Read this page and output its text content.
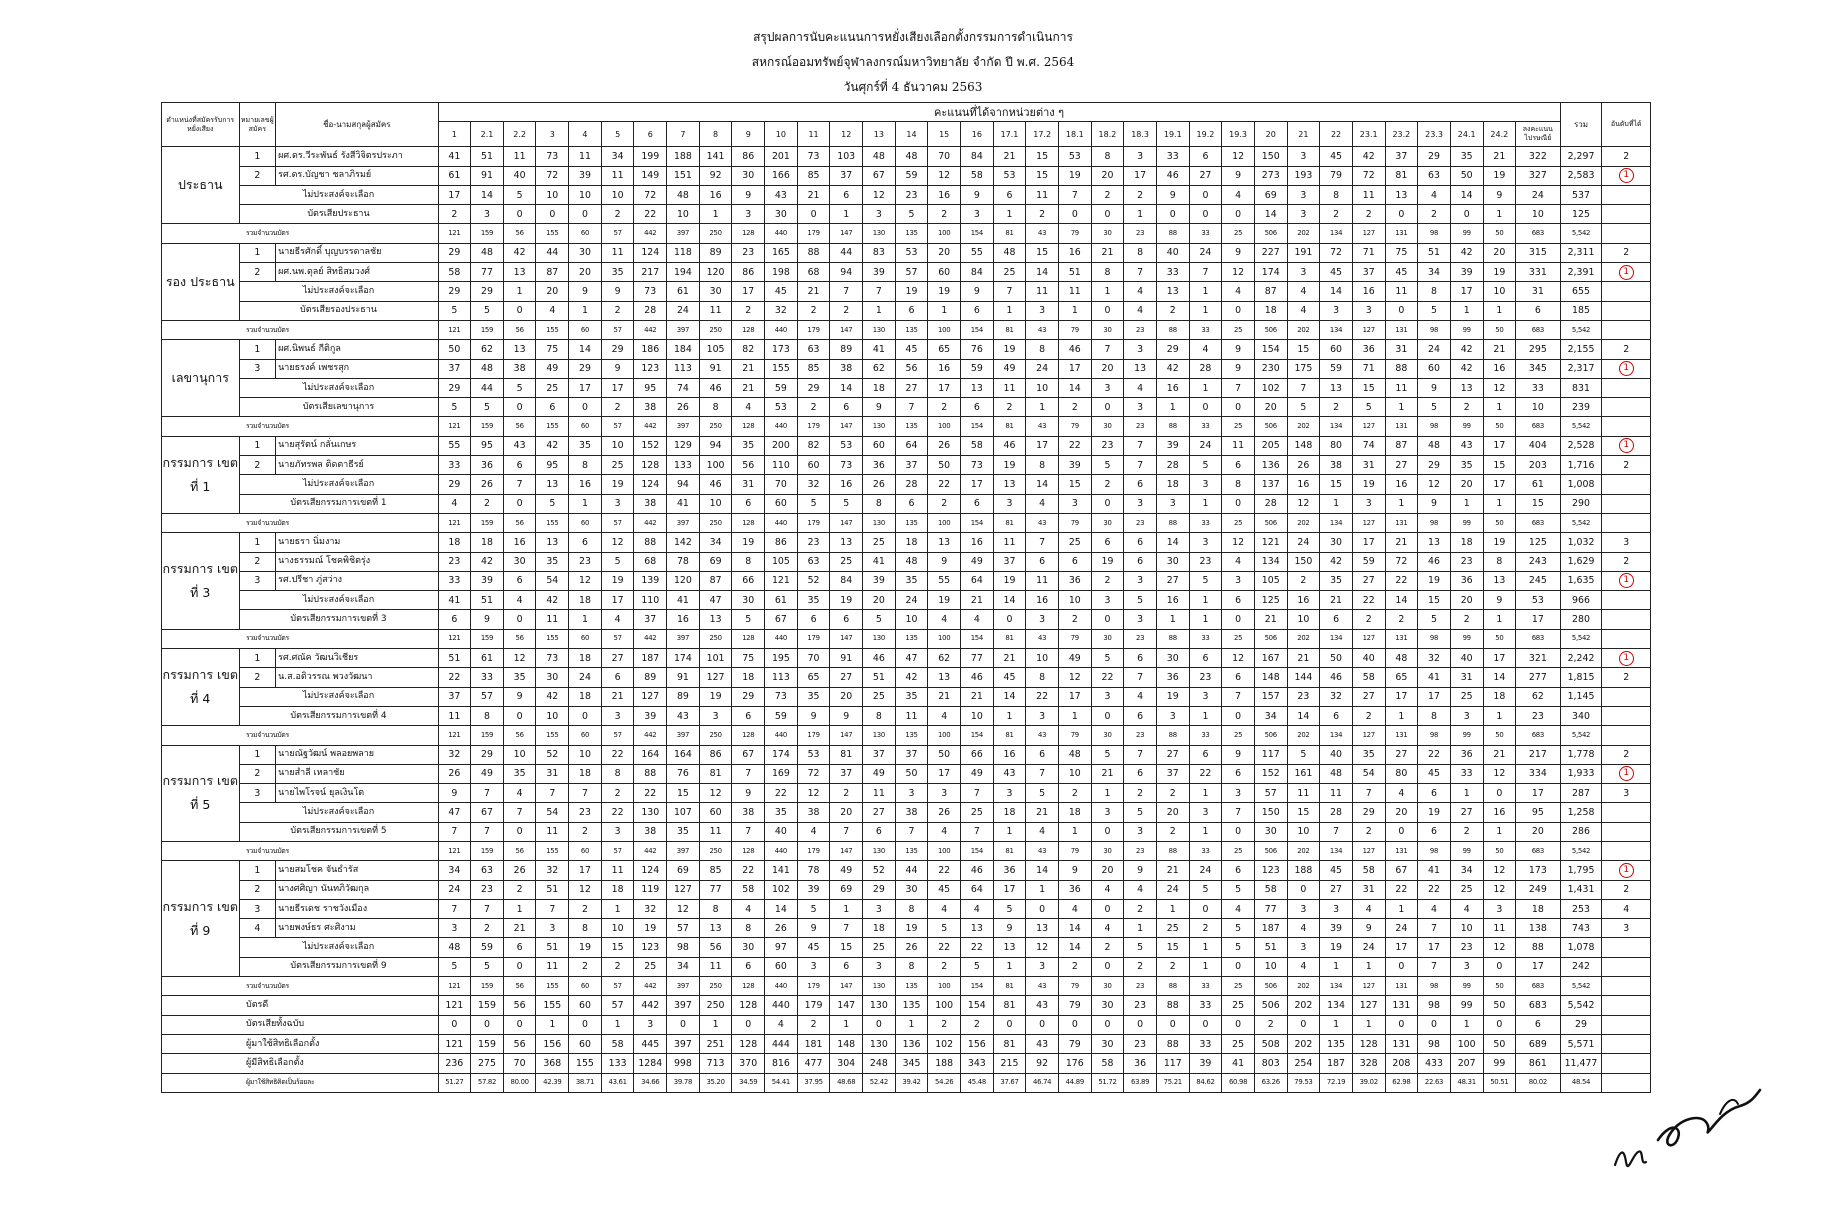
สรุปผลการนับคะแนนการหยั่งเสียงเลือกตั้งกรรมการดำเนินการ
สหกรณ์ออมทรัพย์จุฬาลงกรณ์มหาวิทยาลัย จำกัด ปี พ.ศ. 2564
วันศุกร์ที่ 4 ธันวาคม 2563
ตำแหน่งที่สมัครรับการหยั่งเสียง	หมายเลขผู้สมัคร	ชื่อ-นามสกุลผู้สมัคร	คะแนนที่ได้จากหน่วยต่าง ๆ																																		รวม	อันดับที่ได้
			1	2.1	2.2	3	4	5	6	7	8	9	10	11	12	13	14	15	16	17.1	17.2	18.1	18.2	18.3	19.1	19.2	19.3	20	21	22	23.1	23.2	23.3	24.1	24.2	ลงคะแนนไปรษณีย์		
ประธาน	1	ผศ.ดร.วีระพันธ์ รังสีวิจิตรประภา	41	51	11	73	11	34	199	188	141	86	201	73	103	48	48	70	84	21	15	53	8	3	33	6	12	150	3	45	42	37	29	35	21	322	2,297	2
	2	รศ.ดร.บัญชา ชลาภิรมย์	61	91	40	72	39	11	149	151	92	30	166	85	37	67	59	12	58	53	15	19	20	17	46	27	9	273	193	79	72	81	63	50	19	327	2,583	1
	ไม่ประสงค์จะเลือก		17	14	5	10	10	10	72	48	16	9	43	21	6	12	23	16	9	6	11	7	2	2	9	0	4	69	3	8	11	13	4	14	9	24	537	
	บัตรเสียประธาน		2	3	0	0	0	2	22	10	1	3	30	0	1	3	5	2	3	1	2	0	0	1	0	0	0	14	3	2	2	0	2	0	1	10	125	
รวมจำนวนบัตร			121	159	56	155	60	57	442	397	250	128	440	179	147	130	135	100	154	81	43	79	30	23	88	33	25	506	202	134	127	131	98	99	50	683	5,542	
รอง ประธาน	1	นายธีรศักดิ์ บุญบรรดาลชัย	29	48	42	44	30	11	124	118	89	23	165	88	44	83	53	20	55	48	15	16	21	8	40	24	9	227	191	72	71	75	51	42	20	315	2,311	2
	2	ผศ.นพ.ดุลย์ สิทธิสมวงศ์	58	77	13	87	20	35	217	194	120	86	198	68	94	39	57	60	84	25	14	51	8	7	33	7	12	174	3	45	37	45	34	39	19	331	2,391	1
	ไม่ประสงค์จะเลือก		29	29	1	20	9	9	73	61	30	17	45	21	7	7	19	19	9	7	11	11	1	4	13	1	4	87	4	14	16	11	8	17	10	31	655	
	บัตรเสียรองประธาน		5	5	0	4	1	2	28	24	11	2	32	2	2	1	6	1	6	1	3	1	0	4	2	1	0	18	4	3	3	0	5	1	1	6	185	
รวมจำนวนบัตร			121	159	56	155	60	57	442	397	250	128	440	179	147	130	135	100	154	81	43	79	30	23	88	33	25	506	202	134	127	131	98	99	50	683	5,542	
เลขานุการ	1	ผศ.นิพนธ์ กีติกูล	50	62	13	75	14	29	186	184	105	82	173	63	89	41	45	65	76	19	8	46	7	3	29	4	9	154	15	60	36	31	24	42	21	295	2,155	2
	3	นายธรงค์ เพชรสุก	37	48	38	49	29	9	123	113	91	21	155	85	38	62	56	16	59	49	24	17	20	13	42	28	9	230	175	59	71	88	60	42	16	345	2,317	1
	ไม่ประสงค์จะเลือก		29	44	5	25	17	17	95	74	46	21	59	29	14	18	27	17	13	11	10	14	3	4	16	1	7	102	7	13	15	11	9	13	12	33	831	
	บัตรเสียเลขานุการ		5	5	0	6	0	2	38	26	8	4	53	2	6	9	7	2	6	2	1	2	0	3	1	0	0	20	5	2	5	1	5	2	1	10	239	
รวมจำนวนบัตร			121	159	56	155	60	57	442	397	250	128	440	179	147	130	135	100	154	81	43	79	30	23	88	33	25	506	202	134	127	131	98	99	50	683	5,542	
กรรมการ เขตที่ 1	1	นายสุรัตน์ กลั่นเกษร	55	95	43	42	35	10	152	129	94	35	200	82	53	60	64	26	58	46	17	22	23	7	39	24	11	205	148	80	74	87	48	43	17	404	2,528	1
	2	นายภัทรพล ติดตาธีรย์	33	36	6	95	8	25	128	133	100	56	110	60	73	36	37	50	73	19	8	39	5	7	28	5	6	136	26	38	31	27	29	35	15	203	1,716	2
	ไม่ประสงค์จะเลือก		29	26	7	13	16	19	124	94	46	31	70	32	16	26	28	22	17	13	14	15	2	6	18	3	8	137	16	15	19	16	12	20	17	61	1,008	
	บัตรเสียกรรมการเขตที่ 1		4	2	0	5	1	3	38	41	10	6	60	5	5	8	6	2	6	3	4	3	0	3	3	1	0	28	12	1	3	1	9	1	1	15	290	
รวมจำนวนบัตร			121	159	56	155	60	57	442	397	250	128	440	179	147	130	135	100	154	81	43	79	30	23	88	33	25	506	202	134	127	131	98	99	50	683	5,542	
กรรมการ เขตที่ 3	1	นายธรา นิ่มงาม	18	18	16	13	6	12	88	142	34	19	86	23	13	25	18	13	16	11	7	25	6	6	14	3	12	121	24	30	17	21	13	18	19	125	1,032	3
	2	นางธรรมณ์ โชคพิชิตรุ่ง	23	42	30	35	23	5	68	78	69	8	105	63	25	41	48	9	49	37	6	6	19	6	30	23	4	134	150	42	59	72	46	23	8	243	1,629	2
	3	รศ.ปรีชา ภู่สว่าง	33	39	6	54	12	19	139	120	87	66	121	52	84	39	35	55	64	19	11	36	2	3	27	5	3	105	2	35	27	22	19	36	13	245	1,635	1
	ไม่ประสงค์จะเลือก		41	51	4	42	18	17	110	41	47	30	61	35	19	20	24	19	21	14	16	10	3	5	16	1	6	125	16	21	22	14	15	20	9	53	966	
	บัตรเสียกรรมการเขตที่ 3		6	9	0	11	1	4	37	16	13	5	67	6	6	5	10	4	4	0	3	2	0	3	1	1	0	21	10	6	2	2	5	2	1	17	280	
รวมจำนวนบัตร			121	159	56	155	60	57	442	397	250	128	440	179	147	130	135	100	154	81	43	79	30	23	88	33	25	506	202	134	127	131	98	99	50	683	5,542	
กรรมการ เขตที่ 4	1	รศ.ศณัค วัฒนวิเชียร	51	61	12	73	18	27	187	174	101	75	195	70	91	46	47	62	77	21	10	49	5	6	30	6	12	167	21	50	40	48	32	40	17	321	2,242	1
	2	น.ส.อติวรรณ พวงวัฒนา	22	33	35	30	24	6	89	91	127	18	113	65	27	51	42	13	46	45	8	12	22	7	36	23	6	148	144	46	58	65	41	31	14	277	1,815	2
	ไม่ประสงค์จะเลือก		37	57	9	42	18	21	127	89	19	29	73	35	20	25	35	21	21	14	22	17	3	4	19	3	7	157	23	32	27	17	17	25	18	62	1,145	
	บัตรเสียกรรมการเขตที่ 4		11	8	0	10	0	3	39	43	3	6	59	9	9	8	11	4	10	1	3	1	0	6	3	1	0	34	14	6	2	1	8	3	1	23	340	
รวมจำนวนบัตร			121	159	56	155	60	57	442	397	250	128	440	179	147	130	135	100	154	81	43	79	30	23	88	33	25	506	202	134	127	131	98	99	50	683	5,542	
กรรมการ เขตที่ 5	1	นายณัฐวัฒน์ พลอยพลาย	32	29	10	52	10	22	164	164	86	67	174	53	81	37	37	50	66	16	6	48	5	7	27	6	9	117	5	40	35	27	22	36	21	217	1,778	2
	2	นายสำลี เหลาชัย	26	49	35	31	18	8	88	76	81	7	169	72	37	49	50	17	49	43	7	10	21	6	37	22	6	152	161	48	54	80	45	33	12	334	1,933	1
	3	นายไพโรจน์ ยุลเงินโต	9	7	4	7	7	2	22	15	12	9	22	12	2	11	3	3	7	3	5	2	1	2	2	1	3	57	11	11	7	4	6	1	0	17	287	3
	ไม่ประสงค์จะเลือก		47	67	7	54	23	22	130	107	60	38	35	38	20	27	38	26	25	18	21	18	3	5	20	3	7	150	15	28	29	20	19	27	16	95	1,258	
	บัตรเสียกรรมการเขตที่ 5		7	7	0	11	2	3	38	35	11	7	40	4	7	6	7	4	7	1	4	1	0	3	2	1	0	30	10	7	2	0	6	2	1	20	286	
รวมจำนวนบัตร			121	159	56	155	60	57	442	397	250	128	440	179	147	130	135	100	154	81	43	79	30	23	88	33	25	506	202	134	127	131	98	99	50	683	5,542	
กรรมการ เขตที่ 9	1	นายสมโชค จันธำรัส	34	63	26	32	17	11	124	69	85	22	141	78	49	52	44	22	46	36	14	9	20	9	21	24	6	123	188	45	58	67	41	34	12	173	1,795	1
	2	นางศศิญา นันทภิวัฒกุล	24	23	2	51	12	18	119	127	77	58	102	39	69	29	30	45	64	17	1	36	4	4	24	5	5	58	0	27	31	22	22	25	12	249	1,431	2
	3	นายธีรเดช ราชวังเมือง	7	7	1	7	2	1	32	12	8	4	14	5	1	3	8	4	4	5	0	4	0	2	1	0	4	77	3	3	4	1	4	4	3	18	253	4
	4	นายพงษ์ธร ศะศิงาม	3	2	21	3	8	10	19	57	13	8	26	9	7	18	19	5	13	9	13	14	4	1	25	2	5	187	4	39	9	24	7	10	11	138	743	3
	ไม่ประสงค์จะเลือก		48	59	6	51	19	15	123	98	56	30	97	45	15	25	26	22	22	13	12	14	2	5	15	1	5	51	3	19	24	17	17	23	12	88	1,078	
	บัตรเสียกรรมการเขตที่ 9		5	5	0	11	2	2	25	34	11	6	60	3	6	3	8	2	5	1	3	2	0	2	2	1	0	10	4	1	1	0	7	3	0	17	242	
รวมจำนวนบัตร			121	159	56	155	60	57	442	397	250	128	440	179	147	130	135	100	154	81	43	79	30	23	88	33	25	506	202	134	127	131	98	99	50	683	5,542	
บัตรดี			121	159	56	155	60	57	442	397	250	128	440	179	147	130	135	100	154	81	43	79	30	23	88	33	25	506	202	134	127	131	98	99	50	683	5,542	
บัตรเสียทั้งฉบับ			0	0	0	1	0	1	3	0	1	0	4	2	1	0	1	2	2	0	0	0	0	0	0	0	0	2	0	1	1	0	0	1	0	6	29	
ผู้มาใช้สิทธิเลือกตั้ง			121	159	56	156	60	58	445	397	251	128	444	181	148	130	136	102	156	81	43	79	30	23	88	33	25	508	202	135	128	131	98	100	50	689	5,571	
ผู้มีสิทธิเลือกตั้ง			236	275	70	368	155	133	1284	998	713	370	816	477	304	248	345	188	343	215	92	176	58	36	117	39	41	803	254	187	328	208	433	207	99	861	11,477	
ผู้มาใช้สิทธิคิดเป็นร้อยละ			51.27	57.82	80.00	42.39	38.71	43.61	34.66	39.78	35.20	34.59	54.41	37.95	48.68	52.42	39.42	54.26	45.48	37.67	46.74	44.89	51.72	63.89	75.21	84.62	60.98	63.26	79.53	72.19	39.02	62.98	22.63	48.31	50.51	80.02	48.54	
